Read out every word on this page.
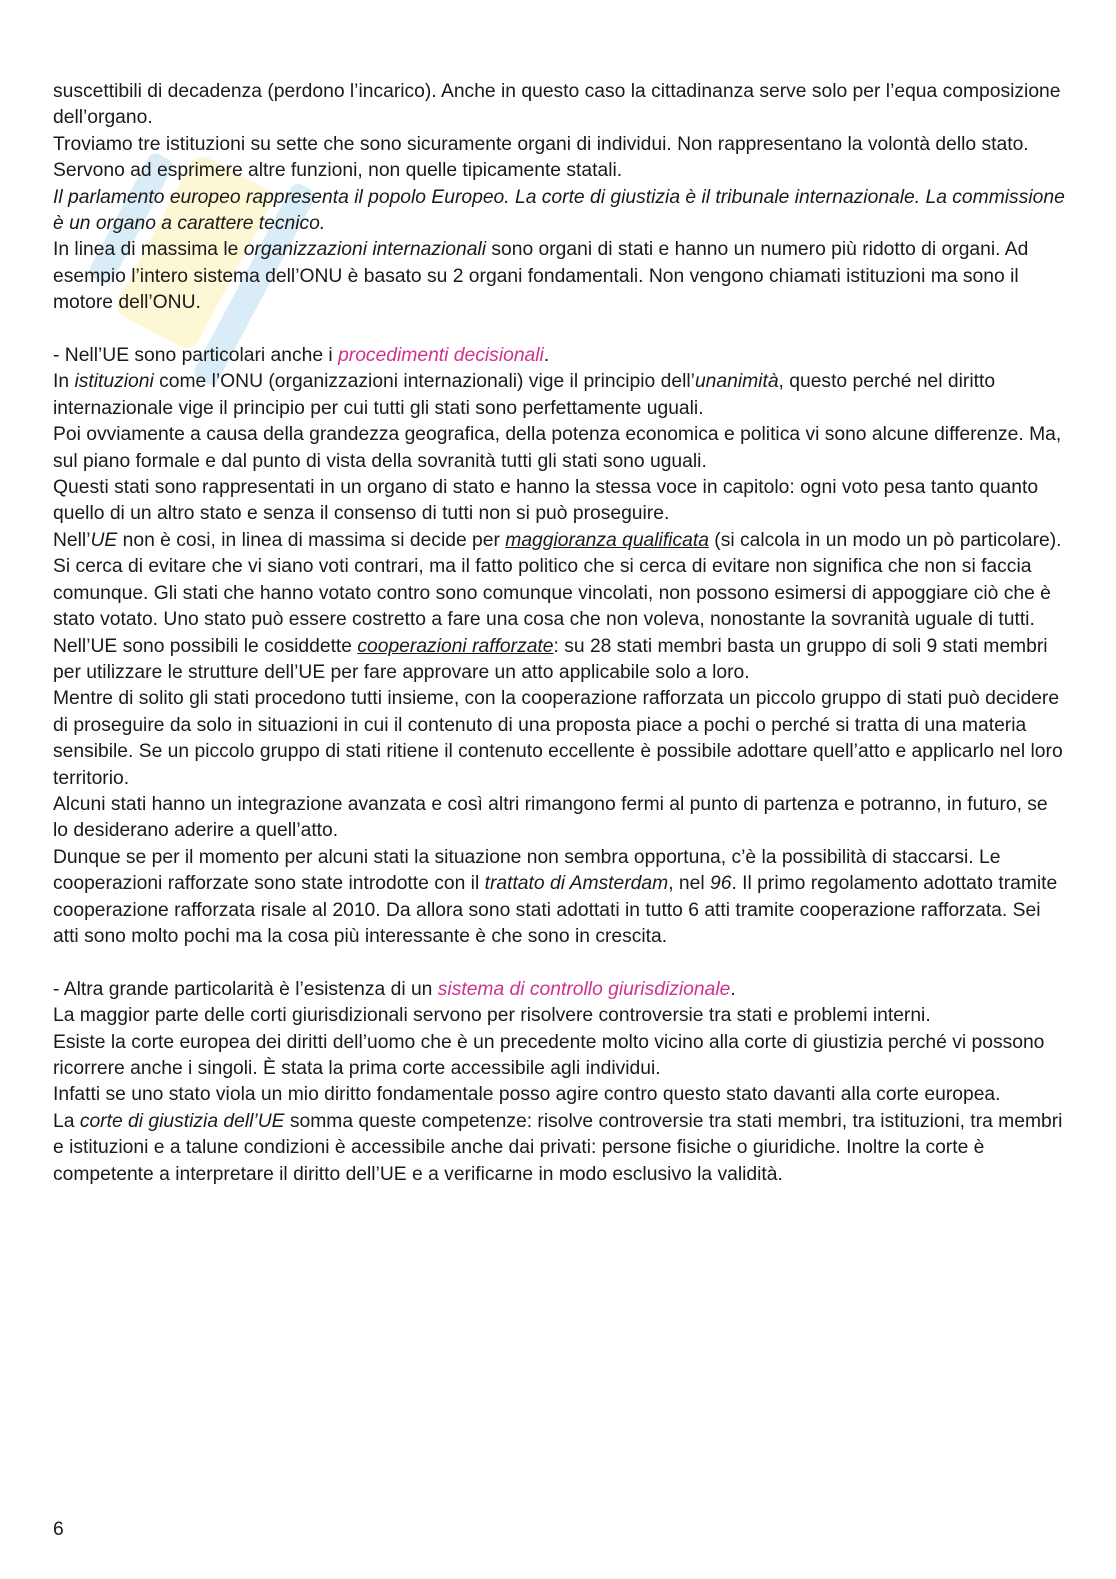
suscettibili di decadenza (perdono l’incarico). Anche in questo caso la cittadinanza serve solo per l’equa composizione dell’organo.

Troviamo tre istituzioni su sette che sono sicuramente organi di individui. Non rappresentano la volontà dello stato. Servono ad esprimere altre funzioni, non quelle tipicamente statali.

Il parlamento europeo rappresenta il popolo Europeo. La corte di giustizia è il tribunale internazionale. La commissione è un organo a carattere tecnico.

In linea di massima le organizzazioni internazionali sono organi di stati e hanno un numero più ridotto di organi. Ad esempio l’intero sistema dell’ONU è basato su 2 organi fondamentali. Non vengono chiamati istituzioni ma sono il motore dell’ONU.

- Nell’UE sono particolari anche i procedimenti decisionali.

In istituzioni come l’ONU (organizzazioni internazionali) vige il principio dell’unanimità, questo perché nel diritto internazionale vige il principio per cui tutti gli stati sono perfettamente uguali.

Poi ovviamente a causa della grandezza geografica, della potenza economica e politica vi sono alcune differenze. Ma, sul piano formale e dal punto di vista della sovranità tutti gli stati sono uguali.

Questi stati sono rappresentati in un organo di stato e hanno la stessa voce in capitolo: ogni voto pesa tanto quanto quello di un altro stato e senza il consenso di tutti non si può proseguire.

Nell’UE non è cosi, in linea di massima si decide per maggioranza qualificata (si calcola in un modo un pò particolare). Si cerca di evitare che vi siano voti contrari, ma il fatto politico che si cerca di evitare non significa che non si faccia comunque. Gli stati che hanno votato contro sono comunque vincolati, non possono esimersi di appoggiare ciò che è stato votato. Uno stato può essere costretto a fare una cosa che non voleva, nonostante la sovranità uguale di tutti.

Nell’UE sono possibili le cosiddette cooperazioni rafforzate: su 28 stati membri basta un gruppo di soli 9 stati membri per utilizzare le strutture dell’UE per fare approvare un atto applicabile solo a loro.

Mentre di solito gli stati procedono tutti insieme, con la cooperazione rafforzata un piccolo gruppo di stati può decidere di proseguire da solo in situazioni in cui il contenuto di una proposta piace a pochi o perché si tratta di una materia sensibile. Se un piccolo gruppo di stati ritiene il contenuto eccellente è possibile adottare quell’atto e applicarlo nel loro territorio.

Alcuni stati hanno un integrazione avanzata e così altri rimangono fermi al punto di partenza e potranno, in futuro, se lo desiderano aderire a quell’atto.

Dunque se per il momento per alcuni stati la situazione non sembra opportuna, c’è la possibilità di staccarsi. Le cooperazioni rafforzate sono state introdotte con il trattato di Amsterdam, nel 96. Il primo regolamento adottato tramite cooperazione rafforzata risale al 2010. Da allora sono stati adottati in tutto 6 atti tramite cooperazione rafforzata. Sei atti sono molto pochi ma la cosa più interessante è che sono in crescita.

- Altra grande particolarità è l’esistenza di un sistema di controllo giurisdizionale.

La maggior parte delle corti giurisdizionali servono per risolvere controversie tra stati e problemi interni.

Esiste la corte europea dei diritti dell’uomo che è un precedente molto vicino alla corte di giustizia perché vi possono ricorrere anche i singoli. È stata la prima corte accessibile agli individui.

Infatti se uno stato viola un mio diritto fondamentale posso agire contro questo stato davanti alla corte europea.

La corte di giustizia dell’UE somma queste competenze: risolve controversie tra stati membri, tra istituzioni, tra membri e istituzioni e a talune condizioni è accessibile anche dai privati: persone fisiche o giuridiche. Inoltre la corte è competente a interpretare il diritto dell’UE e a verificarne in modo esclusivo la validità.

6
